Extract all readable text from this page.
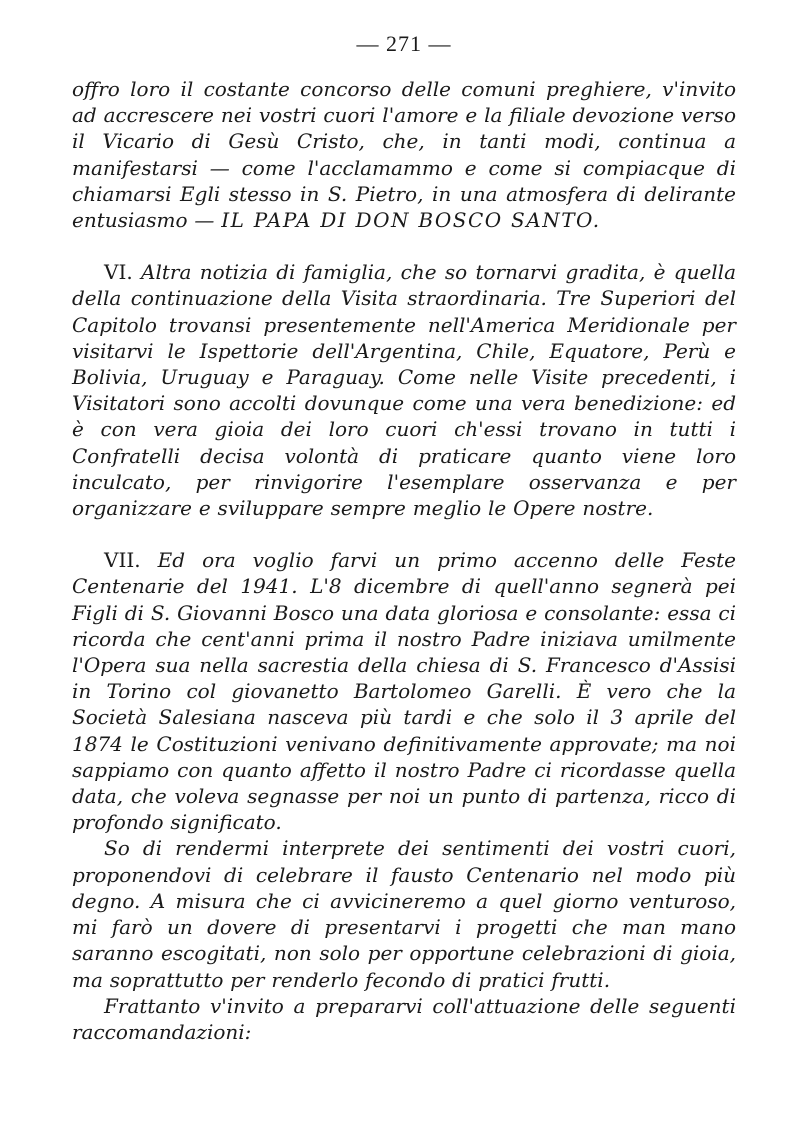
— 271 —

offro loro il costante concorso delle comuni preghiere, v'invito ad accrescere nei vostri cuori l'amore e la filiale devozione verso il Vicario di Gesù Cristo, che, in tanti modi, continua a manifestarsi — come l'acclamammo e come si compiacque di chiamarsi Egli stesso in S. Pietro, in una atmosfera di delirante entusiasmo — IL PAPA DI DON BOSCO SANTO.

VI. Altra notizia di famiglia, che so tornarvi gradita, è quella della continuazione della Visita straordinaria. Tre Superiori del Capitolo trovansi presentemente nell'America Meridionale per visitarvi le Ispettorie dell'Argentina, Chile, Equatore, Perù e Bolivia, Uruguay e Paraguay. Come nelle Visite precedenti, i Visitatori sono accolti dovunque come una vera benedizione: ed è con vera gioia dei loro cuori ch'essi trovano in tutti i Confratelli decisa volontà di praticare quanto viene loro inculcato, per rinvigorire l'esemplare osservanza e per organizzare e sviluppare sempre meglio le Opere nostre.

VII. Ed ora voglio farvi un primo accenno delle Feste Centenarie del 1941. L'8 dicembre di quell'anno segnerà pei Figli di S. Giovanni Bosco una data gloriosa e consolante: essa ci ricorda che cent'anni prima il nostro Padre iniziava umilmente l'Opera sua nella sacrestia della chiesa di S. Francesco d'Assisi in Torino col giovanetto Bartolomeo Garelli. È vero che la Società Salesiana nasceva più tardi e che solo il 3 aprile del 1874 le Costituzioni venivano definitivamente approvate; ma noi sappiamo con quanto affetto il nostro Padre ci ricordasse quella data, che voleva segnasse per noi un punto di partenza, ricco di profondo significato.

So di rendermi interprete dei sentimenti dei vostri cuori, proponendovi di celebrare il fausto Centenario nel modo più degno. A misura che ci avvicineremo a quel giorno venturoso, mi farò un dovere di presentarvi i progetti che man mano saranno escogitati, non solo per opportune celebrazioni di gioia, ma soprattutto per renderlo fecondo di pratici frutti.

Frattanto v'invito a prepararvi coll'attuazione delle seguenti raccomandazioni:
